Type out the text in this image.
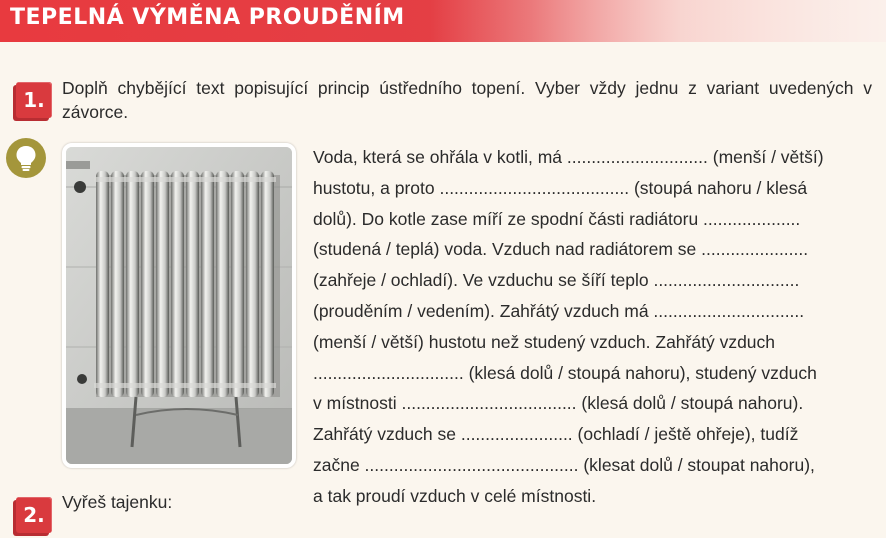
TEPELNÁ VÝMĚNA PROUDĚNÍM
1. Doplň chybějící text popisující princip ústředního topení. Vyber vždy jednu z variant uvedených v závorce.

Voda, která se ohřála v kotli, má ............................. (menší / větší)

hustotu, a proto ....................................... (stoupá nahoru / klesá

dolů). Do kotle zase míří ze spodní části radiátoru ....................

(studená / teplá) voda. Vzduch nad radiátorem se ......................

(zahřeje / ochladí). Ve vzduchu se šíří teplo ..............................

(prouděním / vedením). Zahřátý vzduch má ...............................

(menší / větší) hustotu než studený vzduch. Zahřátý vzduch

............................... (klesá dolů / stoupá nahoru), studený vzduch

v místnosti .................................... (klesá dolů / stoupá nahoru).

Zahřátý vzduch se ....................... (ochladí / ještě ohřeje), tudíž

začne ............................................ (klesat dolů / stoupat nahoru),

a tak proudí vzduch v celé místnosti.

2.
Vyřeš tajenku:
